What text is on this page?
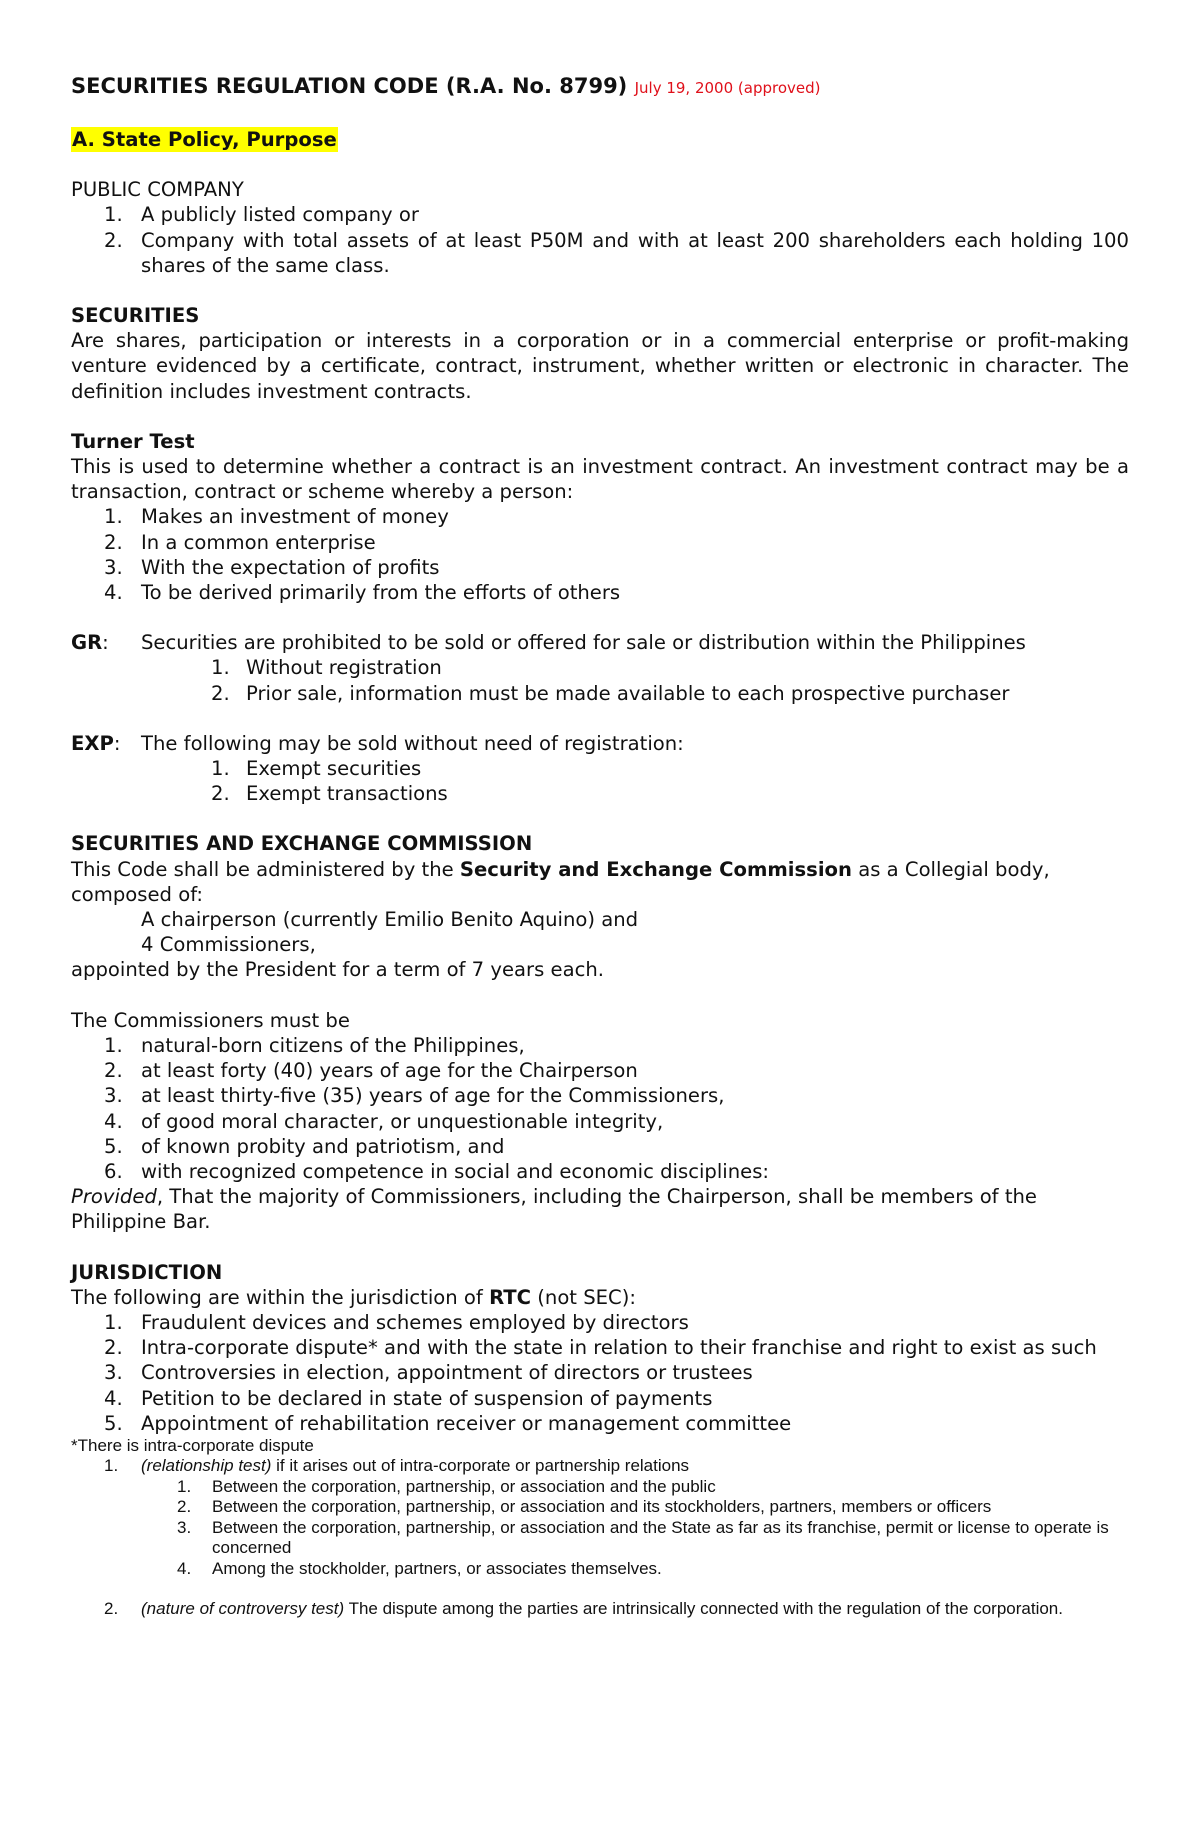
SECURITIES REGULATION CODE (R.A. No. 8799) July 19, 2000 (approved)
A. State Policy, Purpose
PUBLIC COMPANY
1. A publicly listed company or
2. Company with total assets of at least P50M and with at least 200 shareholders each holding 100 shares of the same class.
SECURITIES
Are shares, participation or interests in a corporation or in a commercial enterprise or profit-making venture evidenced by a certificate, contract, instrument, whether written or electronic in character. The definition includes investment contracts.
Turner Test
This is used to determine whether a contract is an investment contract. An investment contract may be a transaction, contract or scheme whereby a person:
1. Makes an investment of money
2. In a common enterprise
3. With the expectation of profits
4. To be derived primarily from the efforts of others
GR:	Securities are prohibited to be sold or offered for sale or distribution within the Philippines
1. Without registration
2. Prior sale, information must be made available to each prospective purchaser
EXP:	The following may be sold without need of registration:
1. Exempt securities
2. Exempt transactions
SECURITIES AND EXCHANGE COMMISSION
This Code shall be administered by the Security and Exchange Commission as a Collegial body, composed of:
A chairperson (currently Emilio Benito Aquino) and
4 Commissioners,
appointed by the President for a term of 7 years each.
The Commissioners must be
1. natural-born citizens of the Philippines,
2. at least forty (40) years of age for the Chairperson
3. at least thirty-five (35) years of age for the Commissioners,
4. of good moral character, or unquestionable integrity,
5. of known probity and patriotism, and
6. with recognized competence in social and economic disciplines:
Provided, That the majority of Commissioners, including the Chairperson, shall be members of the Philippine Bar.
JURISDICTION
The following are within the jurisdiction of RTC (not SEC):
1. Fraudulent devices and schemes employed by directors
2. Intra-corporate dispute* and with the state in relation to their franchise and right to exist as such
3. Controversies in election, appointment of directors or trustees
4. Petition to be declared in state of suspension of payments
5. Appointment of rehabilitation receiver or management committee
*There is intra-corporate dispute
1. (relationship test) if it arises out of intra-corporate or partnership relations
1. Between the corporation, partnership, or association and the public
2. Between the corporation, partnership, or association and its stockholders, partners, members or officers
3. Between the corporation, partnership, or association and the State as far as its franchise, permit or license to operate is concerned
4. Among the stockholder, partners, or associates themselves.
2. (nature of controversy test) The dispute among the parties are intrinsically connected with the regulation of the corporation.
